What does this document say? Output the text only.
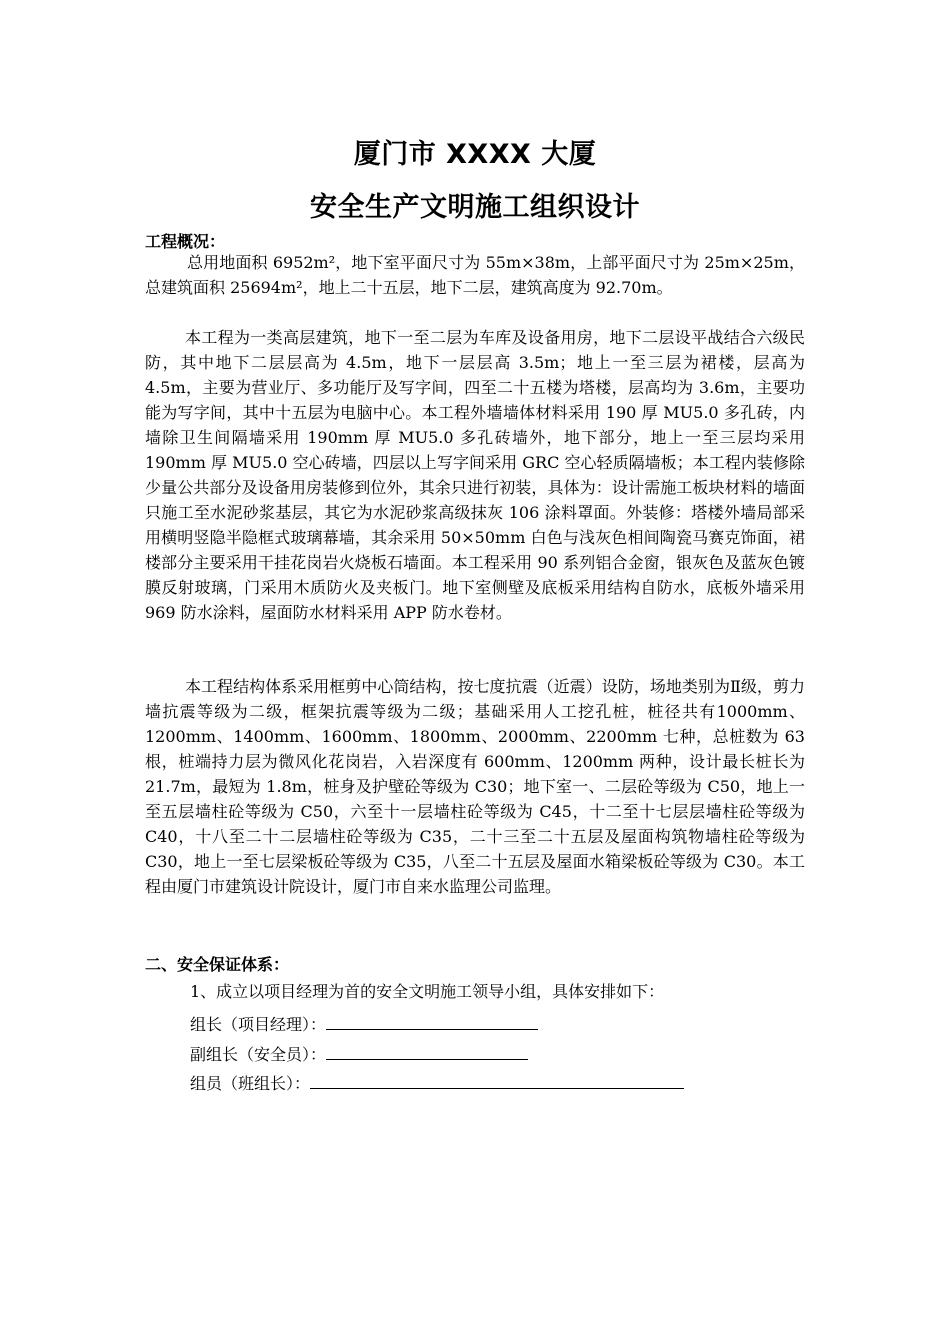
厦门市 XXXX 大厦
安全生产文明施工组织设计
工程概况：
总用地面积 6952m²，地下室平面尺寸为 55m×38m，上部平面尺寸为 25m×25m，总建筑面积 25694m²，地上二十五层，地下二层，建筑高度为 92.70m。
本工程为一类高层建筑，地下一至二层为车库及设备用房，地下二层设平战结合六级民防，其中地下二层层高为 4.5m，地下一层层高 3.5m；地上一至三层为裙楼，层高为 4.5m，主要为营业厅、多功能厅及写字间，四至二十五楼为塔楼，层高均为 3.6m，主要功能为写字间，其中十五层为电脑中心。本工程外墙墙体材料采用 190 厚 MU5.0 多孔砖，内墙除卫生间隔墙采用 190mm 厚 MU5.0 多孔砖墙外，地下部分，地上一至三层均采用 190mm 厚 MU5.0 空心砖墙，四层以上写字间采用 GRC 空心轻质隔墙板；本工程内装修除少量公共部分及设备用房装修到位外，其余只进行初装，具体为：设计需施工板块材料的墙面只施工至水泥砂浆基层，其它为水泥砂浆高级抹灰 106 涂料罩面。外装修：塔楼外墙局部采用横明竖隐半隐框式玻璃幕墙，其余采用 50×50mm 白色与浅灰色相间陶瓷马赛克饰面，裙楼部分主要采用干挂花岗岩火烧板石墙面。本工程采用 90 系列铝合金窗，银灰色及蓝灰色镀膜反射玻璃，门采用木质防火及夹板门。地下室侧壁及底板采用结构自防水，底板外墙采用 969 防水涂料，屋面防水材料采用 APP 防水卷材。
本工程结构体系采用框剪中心筒结构，按七度抗震（近震）设防，场地类别为Ⅱ级，剪力墙抗震等级为二级，框架抗震等级为二级；基础采用人工挖孔桩，桩径共有1000mm、1200mm、1400mm、1600mm、1800mm、2000mm、2200mm 七种，总桩数为 63 根，桩端持力层为微风化花岗岩，入岩深度有 600mm、1200mm 两种，设计最长桩长为 21.7m，最短为 1.8m，桩身及护壁砼等级为 C30；地下室一、二层砼等级为 C50，地上一至五层墙柱砼等级为 C50，六至十一层墙柱砼等级为 C45，十二至十七层层墙柱砼等级为 C40，十八至二十二层墙柱砼等级为 C35，二十三至二十五层及屋面构筑物墙柱砼等级为 C30，地上一至七层梁板砼等级为 C35，八至二十五层及屋面水箱梁板砼等级为 C30。本工程由厦门市建筑设计院设计，厦门市自来水监理公司监理。
二、安全保证体系：
1、成立以项目经理为首的安全文明施工领导小组，具体安排如下：
组长（项目经理）：
副组长（安全员）：
组员（班组长）：
